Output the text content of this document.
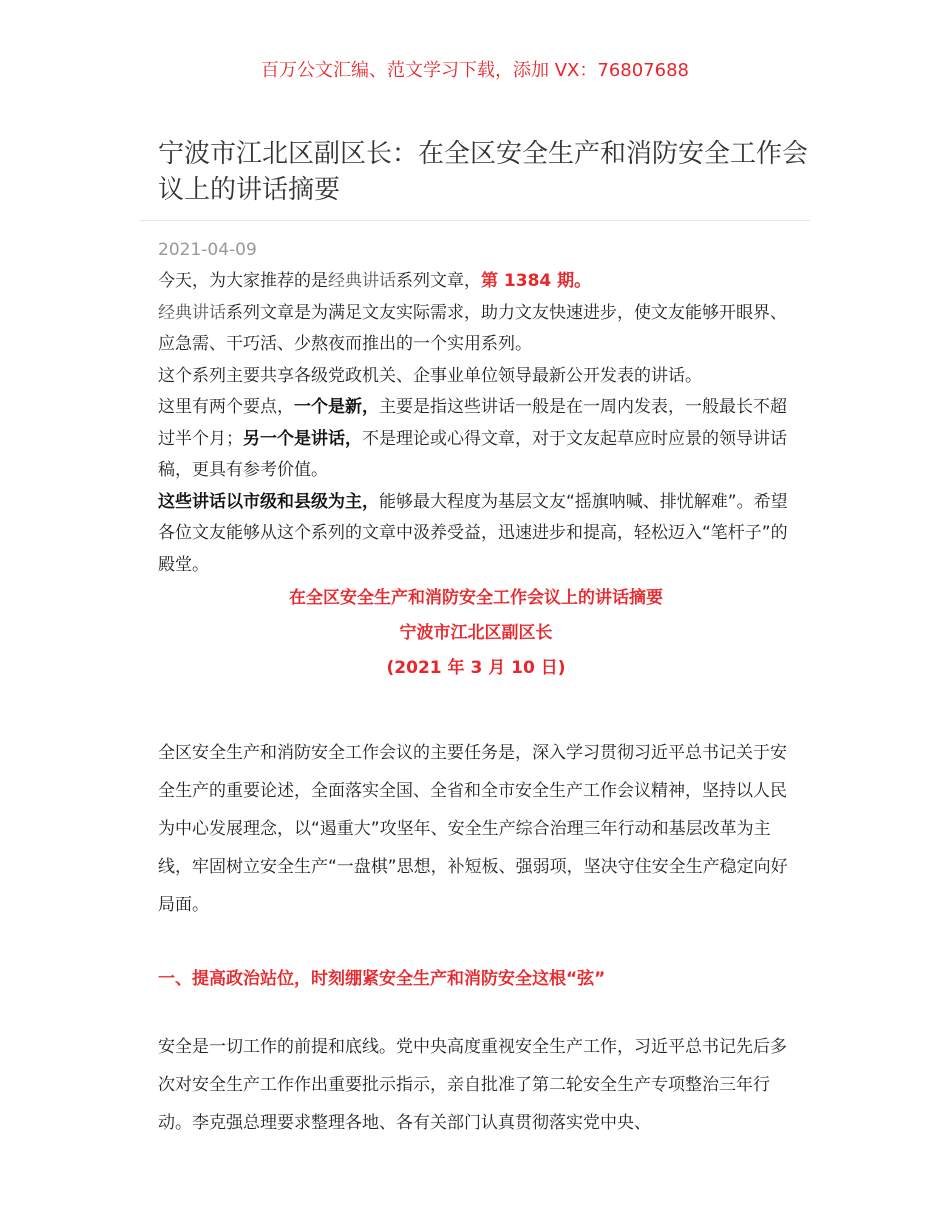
百万公文汇编、范文学习下载，添加 VX：76807688
宁波市江北区副区长：在全区安全生产和消防安全工作会议上的讲话摘要
2021-04-09

今天，为大家推荐的是经典讲话系列文章，第 1384 期。

经典讲话系列文章是为满足文友实际需求，助力文友快速进步，使文友能够开眼界、应急需、干巧活、少熬夜而推出的一个实用系列。

这个系列主要共享各级党政机关、企事业单位领导最新公开发表的讲话。

这里有两个要点，一个是新，主要是指这些讲话一般是在一周内发表，一般最长不超过半个月；另一个是讲话，不是理论或心得文章，对于文友起草应时应景的领导讲话稿，更具有参考价值。

这些讲话以市级和县级为主，能够最大程度为基层文友“摇旗呐喊、排忧解难”。希望各位文友能够从这个系列的文章中汲养受益，迅速进步和提高，轻松迈入“笔杆子”的殿堂。

在全区安全生产和消防安全工作会议上的讲话摘要

宁波市江北区副区长

(2021 年 3 月 10 日)

全区安全生产和消防安全工作会议的主要任务是，深入学习贯彻习近平总书记关于安全生产的重要论述，全面落实全国、全省和全市安全生产工作会议精神，坚持以人民为中心发展理念，以“遏重大”攻坚年、安全生产综合治理三年行动和基层改革为主线，牢固树立安全生产“一盘棋”思想，补短板、强弱项，坚决守住安全生产稳定向好局面。

一、提高政治站位，时刻绷紧安全生产和消防安全这根“弦”

安全是一切工作的前提和底线。党中央高度重视安全生产工作，习近平总书记先后多次对安全生产工作作出重要批示指示，亲自批准了第二轮安全生产专项整治三年行动。李克强总理要求整理各地、各有关部门认真贯彻落实党中央、
